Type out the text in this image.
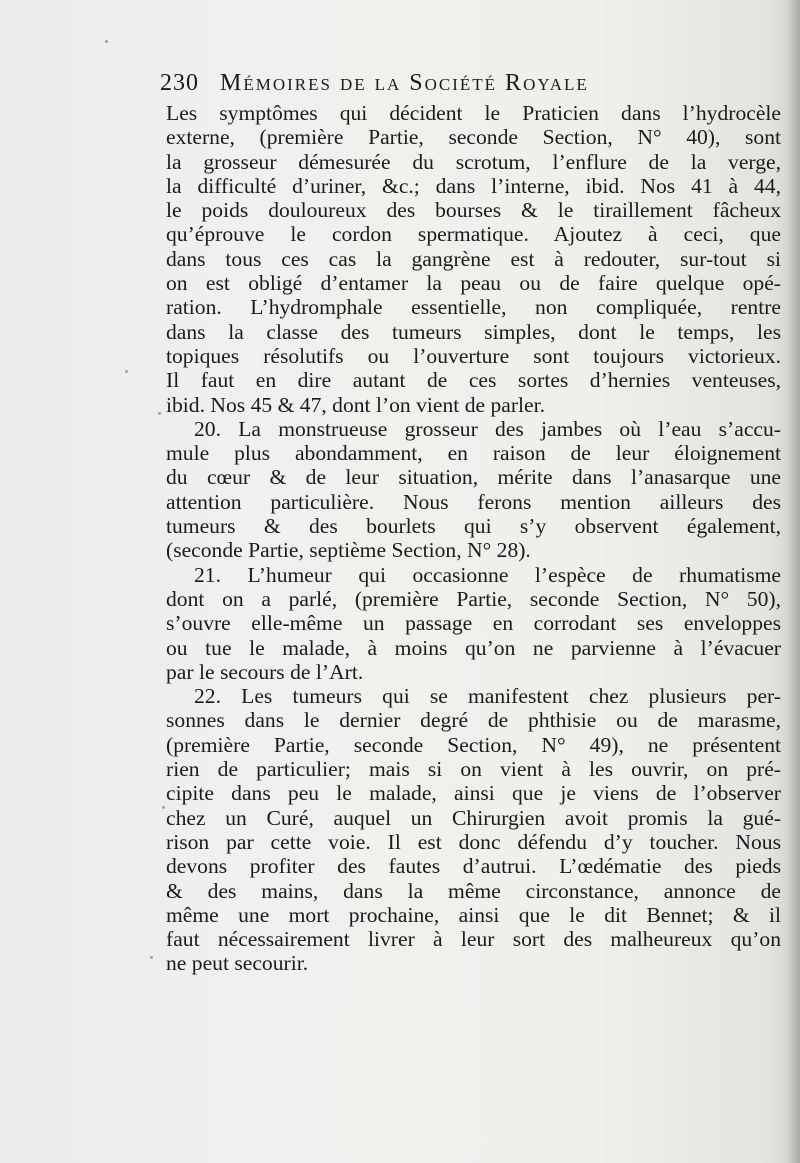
230 Mémoires de la Société Royale
Les symptômes qui décident le Praticien dans l’hydrocèle
externe, (première Partie, seconde Section, N° 40), sont
la grosseur démesurée du scrotum, l’enflure de la verge,
la difficulté d’uriner, &c.; dans l’interne, ibid. Nos 41 à 44,
le poids douloureux des bourses & le tiraillement fâcheux
qu’éprouve le cordon spermatique. Ajoutez à ceci, que
dans tous ces cas la gangrène est à redouter, sur-tout si
on est obligé d’entamer la peau ou de faire quelque opé-
ration. L’hydromphale essentielle, non compliquée, rentre
dans la classe des tumeurs simples, dont le temps, les
topiques résolutifs ou l’ouverture sont toujours victorieux.
Il faut en dire autant de ces sortes d’hernies venteuses,
ibid. Nos 45 & 47, dont l’on vient de parler.
20. La monstrueuse grosseur des jambes où l’eau s’accu-
mule plus abondamment, en raison de leur éloignement
du cœur & de leur situation, mérite dans l’anasarque une
attention particulière. Nous ferons mention ailleurs des
tumeurs & des bourlets qui s’y observent également,
(seconde Partie, septième Section, N° 28).
21. L’humeur qui occasionne l’espèce de rhumatisme
dont on a parlé, (première Partie, seconde Section, N° 50),
s’ouvre elle-même un passage en corrodant ses enveloppes
ou tue le malade, à moins qu’on ne parvienne à l’évacuer
par le secours de l’Art.
22. Les tumeurs qui se manifestent chez plusieurs per-
sonnes dans le dernier degré de phthisie ou de marasme,
(première Partie, seconde Section, N° 49), ne présentent
rien de particulier; mais si on vient à les ouvrir, on pré-
cipite dans peu le malade, ainsi que je viens de l’observer
chez un Curé, auquel un Chirurgien avoit promis la gué-
rison par cette voie. Il est donc défendu d’y toucher. Nous
devons profiter des fautes d’autrui. L’œdématie des pieds
& des mains, dans la même circonstance, annonce de
même une mort prochaine, ainsi que le dit Bennet; & il
faut nécessairement livrer à leur sort des malheureux qu’on
ne peut secourir.
